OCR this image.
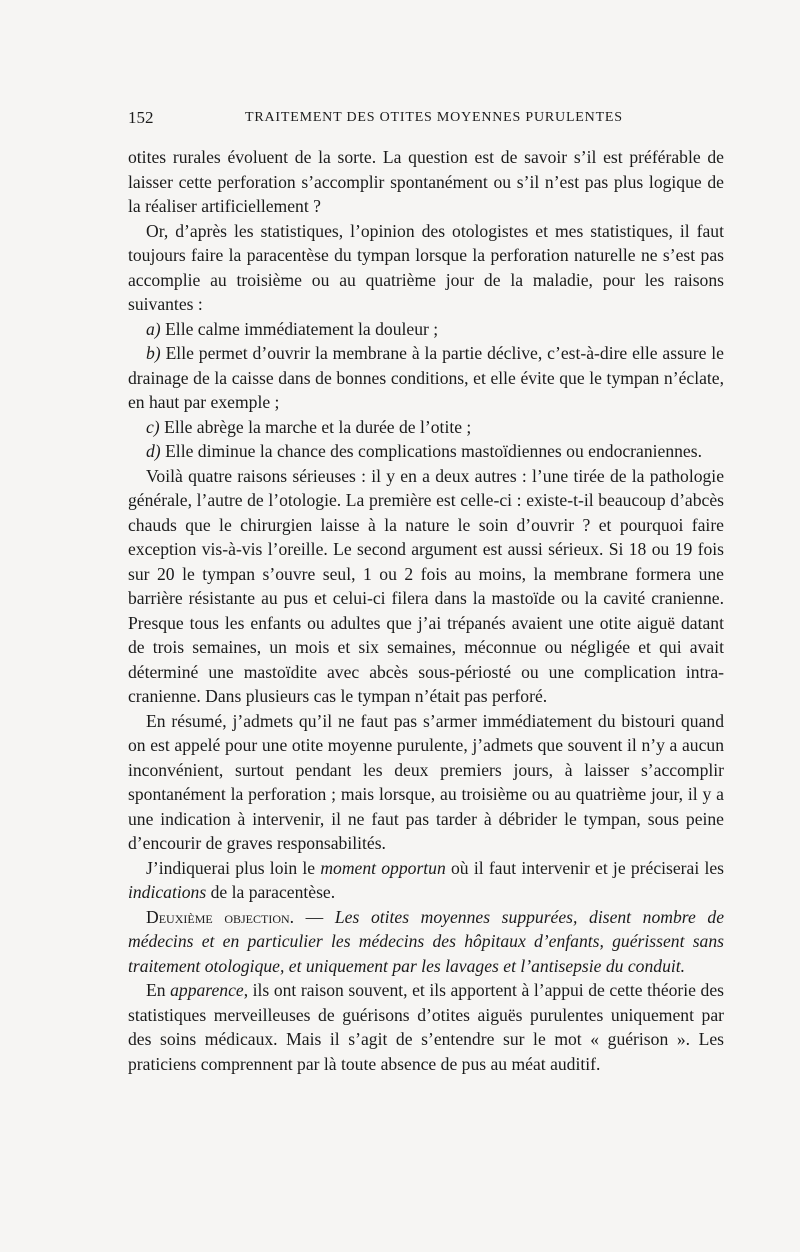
152	TRAITEMENT DES OTITES MOYENNES PURULENTES

otites rurales évoluent de la sorte. La question est de savoir s’il est préférable de laisser cette perforation s’accomplir spontanément ou s’il n’est pas plus logique de la réaliser artificiellement ?

Or, d’après les statistiques, l’opinion des otologistes et mes statistiques, il faut toujours faire la paracentèse du tympan lorsque la perforation naturelle ne s’est pas accomplie au troisième ou au quatrième jour de la maladie, pour les raisons suivantes :

a) Elle calme immédiatement la douleur ;

b) Elle permet d’ouvrir la membrane à la partie déclive, c’est-à-dire elle assure le drainage de la caisse dans de bonnes conditions, et elle évite que le tympan n’éclate, en haut par exemple ;

c) Elle abrège la marche et la durée de l’otite ;

d) Elle diminue la chance des complications mastoïdiennes ou endocraniennes.

Voilà quatre raisons sérieuses : il y en a deux autres : l’une tirée de la pathologie générale, l’autre de l’otologie. La première est celle-ci : existe-t-il beaucoup d’abcès chauds que le chirurgien laisse à la nature le soin d’ouvrir ? et pourquoi faire exception vis-à-vis l’oreille. Le second argument est aussi sérieux. Si 18 ou 19 fois sur 20 le tympan s’ouvre seul, 1 ou 2 fois au moins, la membrane formera une barrière résistante au pus et celui-ci filera dans la mastoïde ou la cavité cranienne. Presque tous les enfants ou adultes que j’ai trépanés avaient une otite aiguë datant de trois semaines, un mois et six semaines, méconnue ou négligée et qui avait déterminé une mastoïdite avec abcès sous-périosté ou une complication intra-cranienne. Dans plusieurs cas le tympan n’était pas perforé.

En résumé, j’admets qu’il ne faut pas s’armer immédiatement du bistouri quand on est appelé pour une otite moyenne purulente, j’admets que souvent il n’y a aucun inconvénient, surtout pendant les deux premiers jours, à laisser s’accomplir spontanément la perforation ; mais lorsque, au troisième ou au quatrième jour, il y a une indication à intervenir, il ne faut pas tarder à débrider le tympan, sous peine d’encourir de graves responsabilités.

J’indiquerai plus loin le moment opportun où il faut intervenir et je préciserai les indications de la paracentèse.

Deuxième objection. — Les otites moyennes suppurées, disent nombre de médecins et en particulier les médecins des hôpitaux d’enfants, guérissent sans traitement otologique, et uniquement par les lavages et l’antisepsie du conduit.

En apparence, ils ont raison souvent, et ils apportent à l’appui de cette théorie des statistiques merveilleuses de guérisons d’otites aiguës purulentes uniquement par des soins médicaux. Mais il s’agit de s’entendre sur le mot « guérison ». Les praticiens comprennent par là toute absence de pus au méat auditif.
